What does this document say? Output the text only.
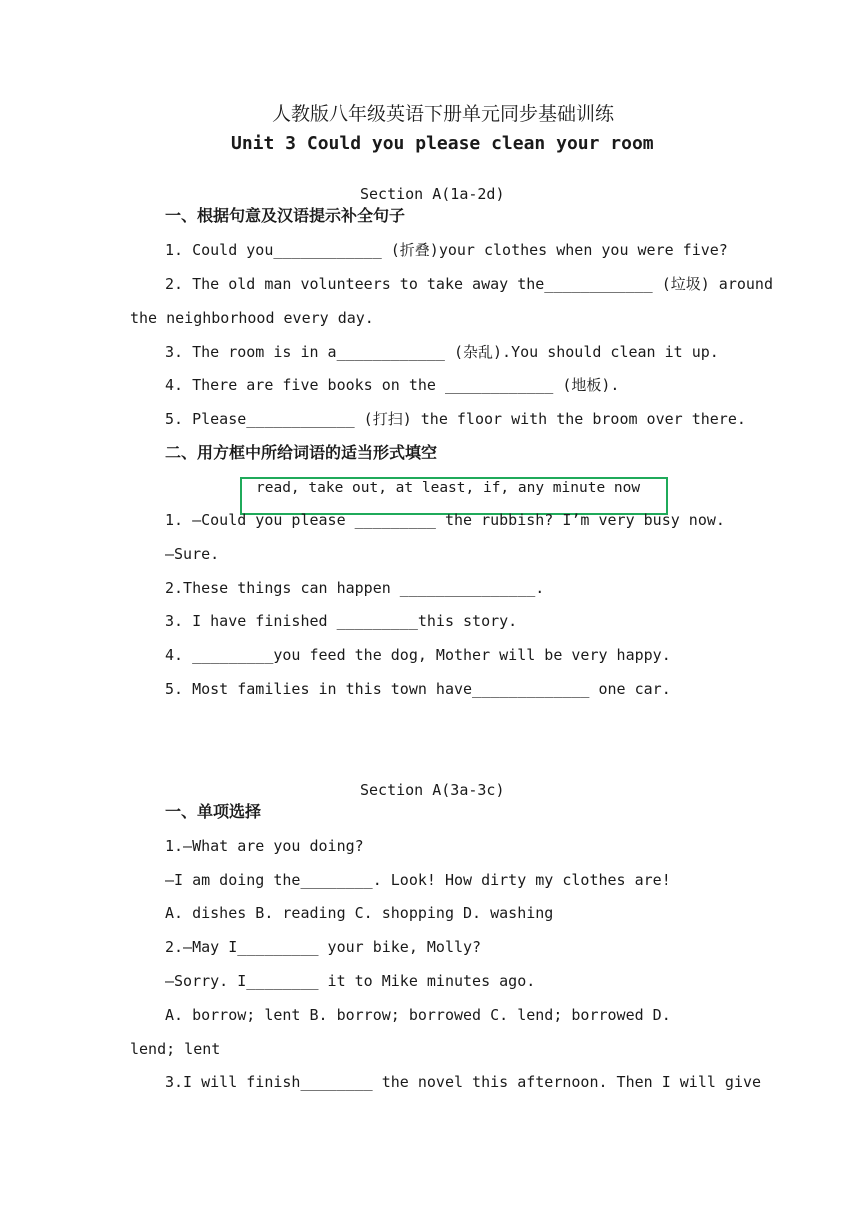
人教版八年级英语下册单元同步基础训练
Unit 3 Could you please clean your room
Section A(1a-2d)
一、根据句意及汉语提示补全句子
1. Could you____________ (折叠)your clothes when you were five?
2. The old man volunteers to take away the____________ (垃圾) around
the neighborhood every day.
3. The room is in a____________ (杂乱).You should clean it up.
4. There are five books on the ____________ (地板).
5. Please____________ (打扫) the floor with the broom over there.
二、用方框中所给词语的适当形式填空
read, take out, at least, if, any minute now
1. —Could you please _________ the rubbish? I’m very busy now.
—Sure.
2.These things can happen _______________.
3. I have finished _________this story.
4. _________you feed the dog, Mother will be very happy.
5. Most families in this town have_____________ one car.
Section A(3a-3c)
一、单项选择
1.—What are you doing?
—I am doing the________. Look! How dirty my clothes are!
A. dishes B. reading C. shopping D. washing
2.—May I_________ your bike, Molly?
—Sorry. I________ it to Mike minutes ago.
A. borrow; lent B. borrow; borrowed C. lend; borrowed D.
lend; lent
3.I will finish________ the novel this afternoon. Then I will give
